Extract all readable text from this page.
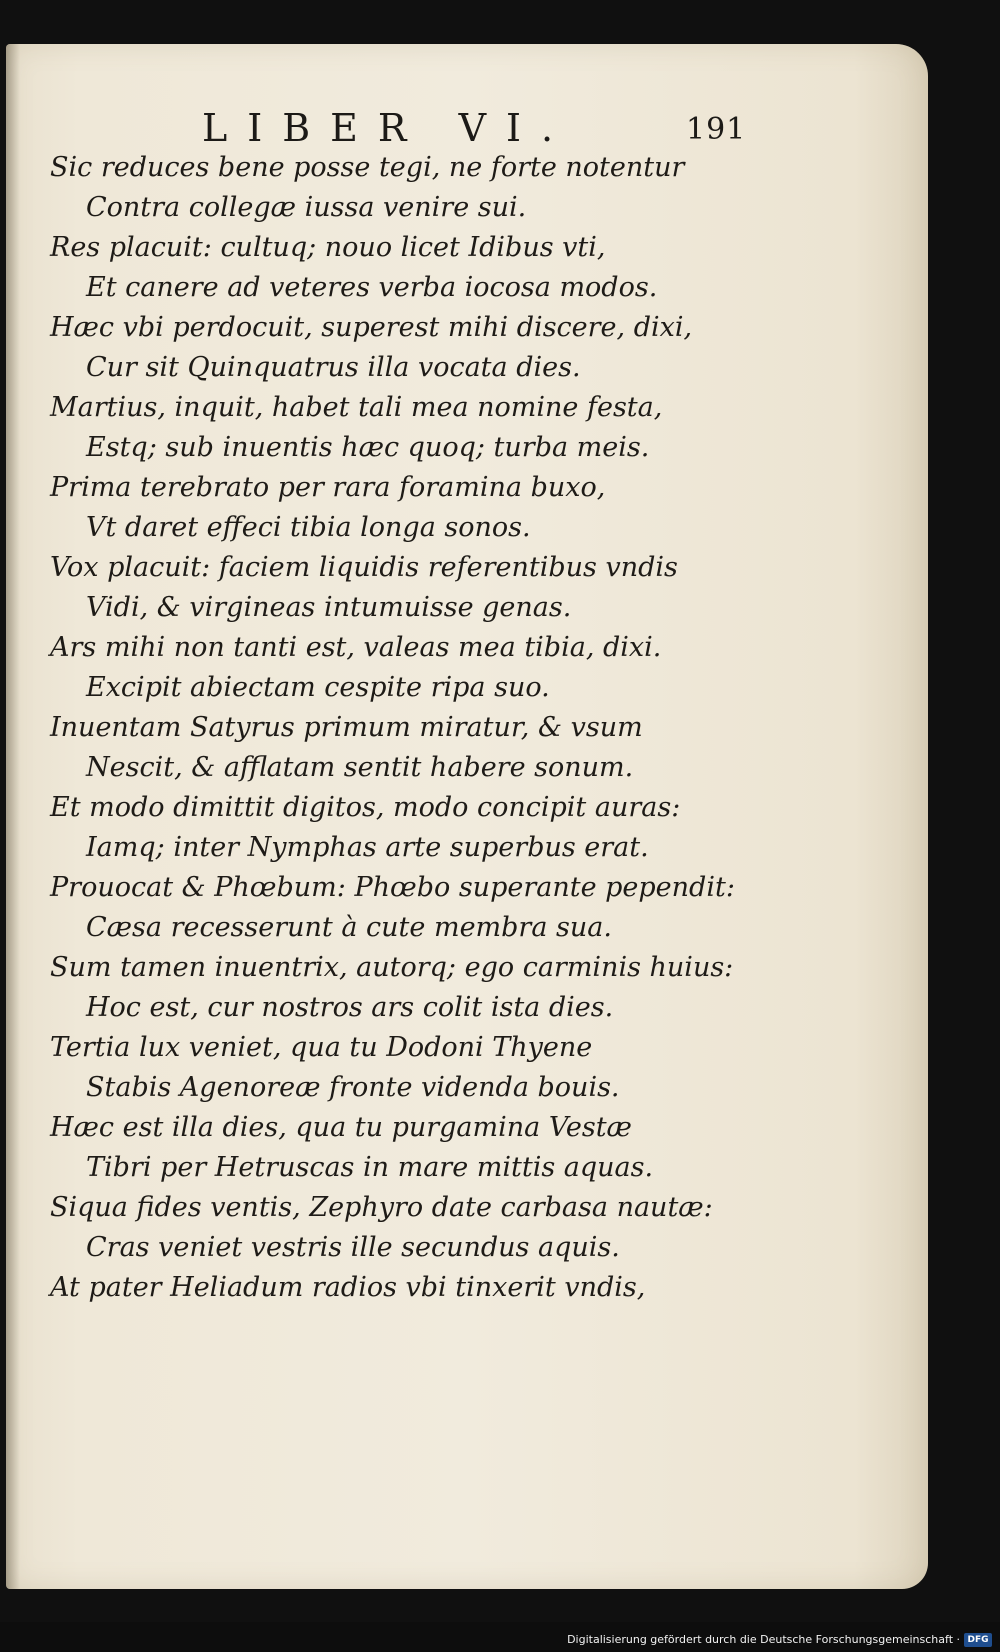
LIBER VI.	191
Sic reduces bene posse tegi, ne forte notentur
Contra collegæ iussa venire sui.
Res placuit: cultuq; nouo licet Idibus vti,
Et canere ad veteres verba iocosa modos.
Hæc vbi perdocuit, superest mihi discere, dixi,
Cur sit Quinquatrus illa vocata dies.
Martius, inquit, habet tali mea nomine festa,
Estq; sub inuentis hæc quoq; turba meis.
Prima terebrato per rara foramina buxo,
Vt daret effeci tibia longa sonos.
Vox placuit: faciem liquidis referentibus vndis
Vidi, & virgineas intumuisse genas.
Ars mihi non tanti est, valeas mea tibia, dixi.
Excipit abiectam cespite ripa suo.
Inuentam Satyrus primum miratur, & vsum
Nescit, & afflatam sentit habere sonum.
Et modo dimittit digitos, modo concipit auras:
Iamq; inter Nymphas arte superbus erat.
Prouocat & Phœbum: Phœbo superante pependit:
Cæsa recesserunt à cute membra sua.
Sum tamen inuentrix, autorq; ego carminis huius:
Hoc est, cur nostros ars colit ista dies.
Tertia lux veniet, qua tu Dodoni Thyene
Stabis Agenoreæ fronte videnda bouis.
Hæc est illa dies, qua tu purgamina Vestæ
Tibri per Hetruscas in mare mittis aquas.
Siqua fides ventis, Zephyro date carbasa nautæ:
Cras veniet vestris ille secundus aquis.
At pater Heliadum radios vbi tinxerit vndis,
Digitalisierung gefördert durch die Deutsche Forschungsgemeinschaft · DFG
